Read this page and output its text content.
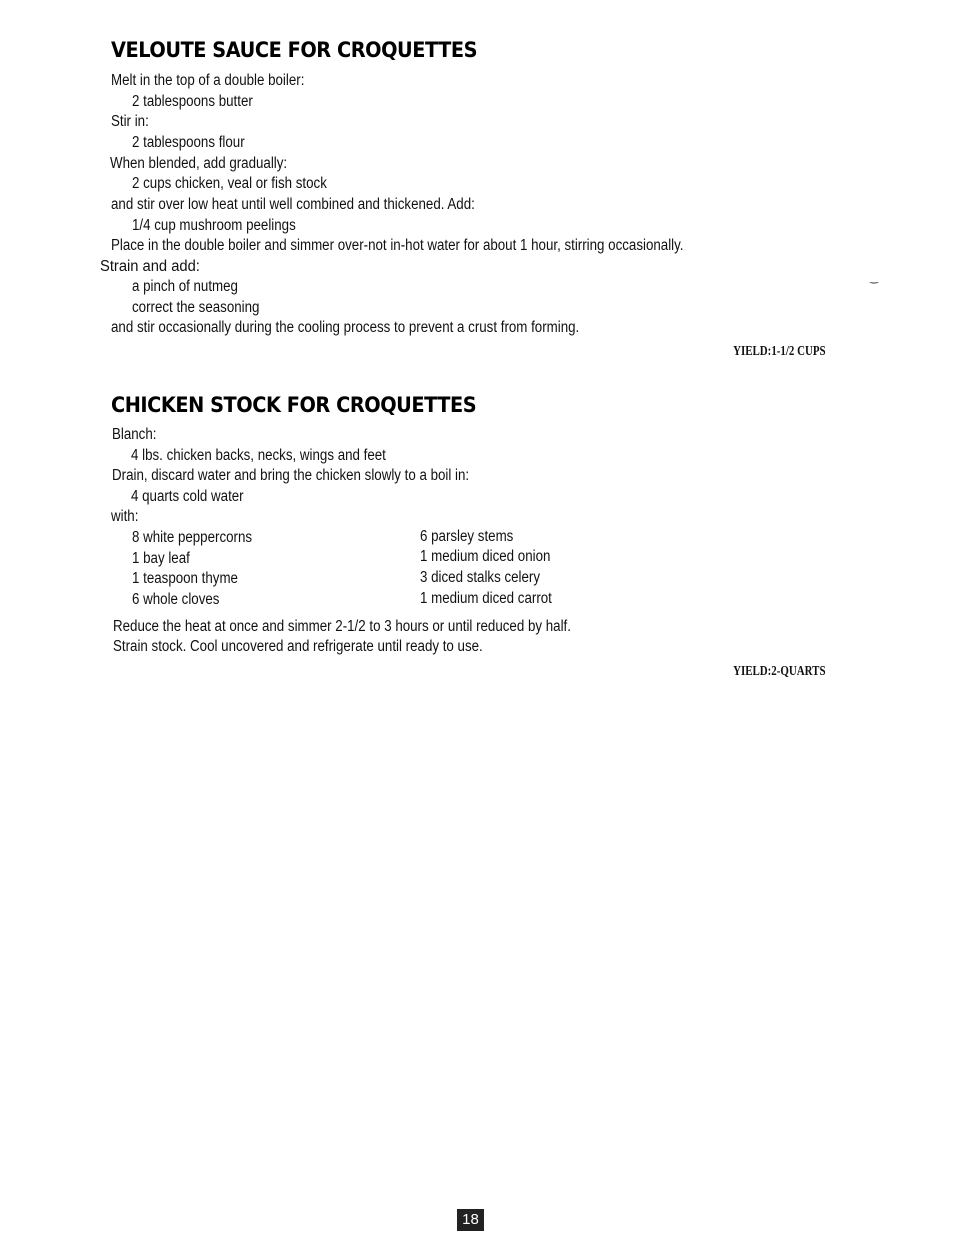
VELOUTE SAUCE FOR CROQUETTES
Melt in the top of a double boiler:
2 tablespoons butter
Stir in:
2 tablespoons flour
When blended, add gradually:
2 cups chicken, veal or fish stock
and stir over low heat until well combined and thickened. Add:
1/4 cup mushroom peelings
Place in the double boiler and simmer over-not in-hot water for about 1 hour, stirring occasionally.
Strain and add:
a pinch of nutmeg
correct the seasoning
and stir occasionally during the cooling process to prevent a crust from forming.
YIELD:1-1/2 CUPS
‿
CHICKEN STOCK FOR CROQUETTES
Blanch:
4 lbs. chicken backs, necks, wings and feet
Drain, discard water and bring the chicken slowly to a boil in:
4 quarts cold water
with:
8 white peppercorns
1 bay leaf
1 teaspoon thyme
6 whole cloves
6 parsley stems
1 medium diced onion
3 diced stalks celery
1 medium diced carrot
Reduce the heat at once and simmer 2-1/2 to 3 hours or until reduced by half.
Strain stock. Cool uncovered and refrigerate until ready to use.
YIELD:2-QUARTS
18
